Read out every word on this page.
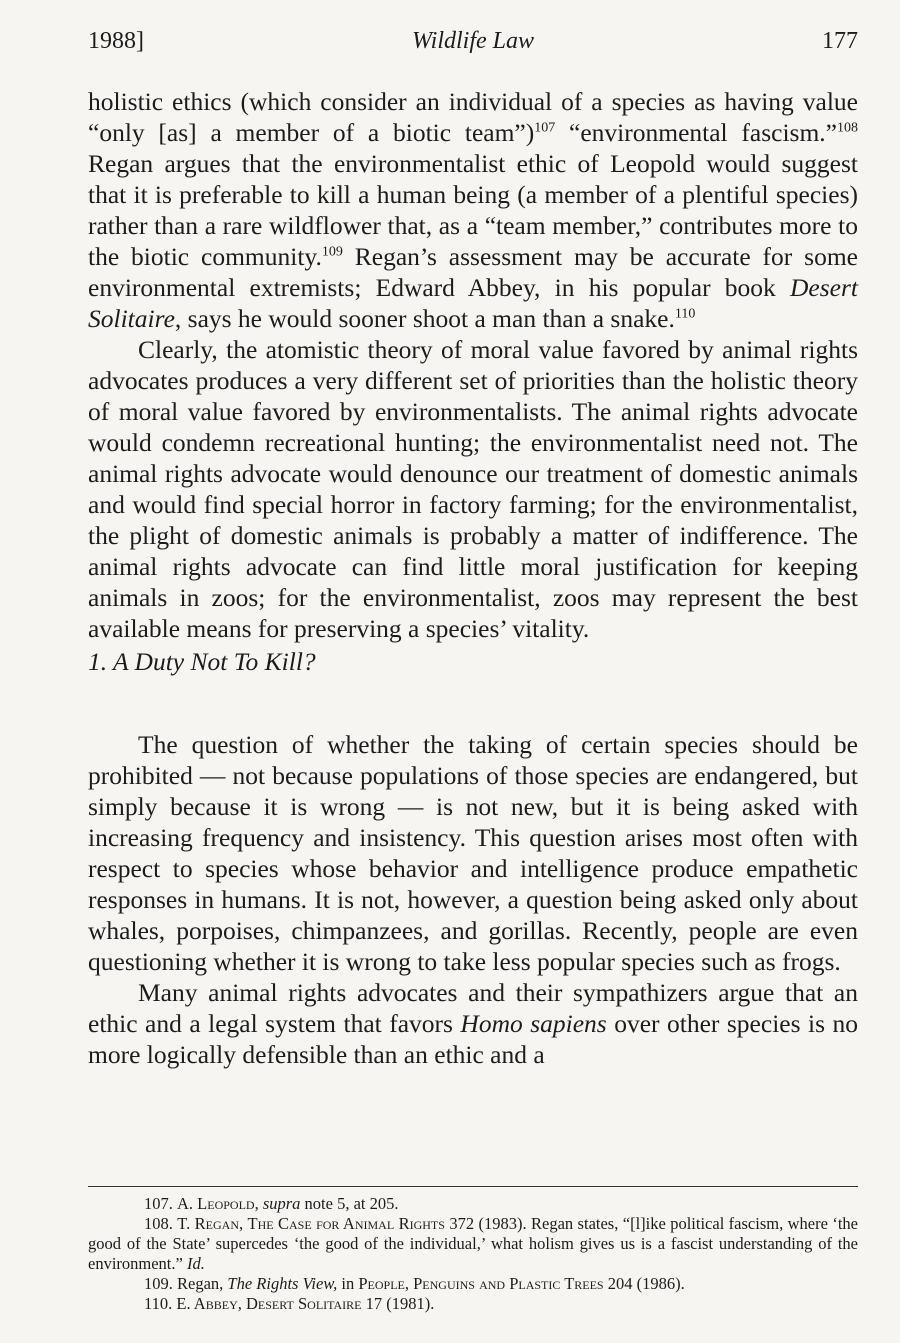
1988]	Wildlife Law	177

holistic ethics (which consider an individual of a species as having value “only [as] a member of a biotic team”)$^{107}$ “environmental fascism.”$^{108}$ Regan argues that the environmentalist ethic of Leopold would suggest that it is preferable to kill a human being (a member of a plentiful species) rather than a rare wildflower that, as a “team member,” contributes more to the biotic community.$^{109}$ Regan’s assessment may be accurate for some environmental extremists; Edward Abbey, in his popular book Desert Solitaire, says he would sooner shoot a man than a snake.$^{110}$

Clearly, the atomistic theory of moral value favored by animal rights advocates produces a very different set of priorities than the holistic theory of moral value favored by environmentalists. The animal rights advocate would condemn recreational hunting; the environmentalist need not. The animal rights advocate would denounce our treatment of domestic animals and would find special horror in factory farming; for the environmentalist, the plight of domestic animals is probably a matter of indifference. The animal rights advocate can find little moral justification for keeping animals in zoos; for the environmentalist, zoos may represent the best available means for preserving a species’ vitality.

1. A Duty Not To Kill?

The question of whether the taking of certain species should be prohibited — not because populations of those species are endangered, but simply because it is wrong — is not new, but it is being asked with increasing frequency and insistency. This question arises most often with respect to species whose behavior and intelligence produce empathetic responses in humans. It is not, however, a question being asked only about whales, porpoises, chimpanzees, and gorillas. Recently, people are even questioning whether it is wrong to take less popular species such as frogs.

Many animal rights advocates and their sympathizers argue that an ethic and a legal system that favors Homo sapiens over other species is no more logically defensible than an ethic and a

107. A. Leopold, supra note 5, at 205.

108. T. Regan, The Case for Animal Rights 372 (1983). Regan states, “[l]ike political fascism, where ‘the good of the State’ supercedes ‘the good of the individual,’ what holism gives us is a fascist understanding of the environment.” Id.

109. Regan, The Rights View, in People, Penguins and Plastic Trees 204 (1986).

110. E. Abbey, Desert Solitaire 17 (1981).
